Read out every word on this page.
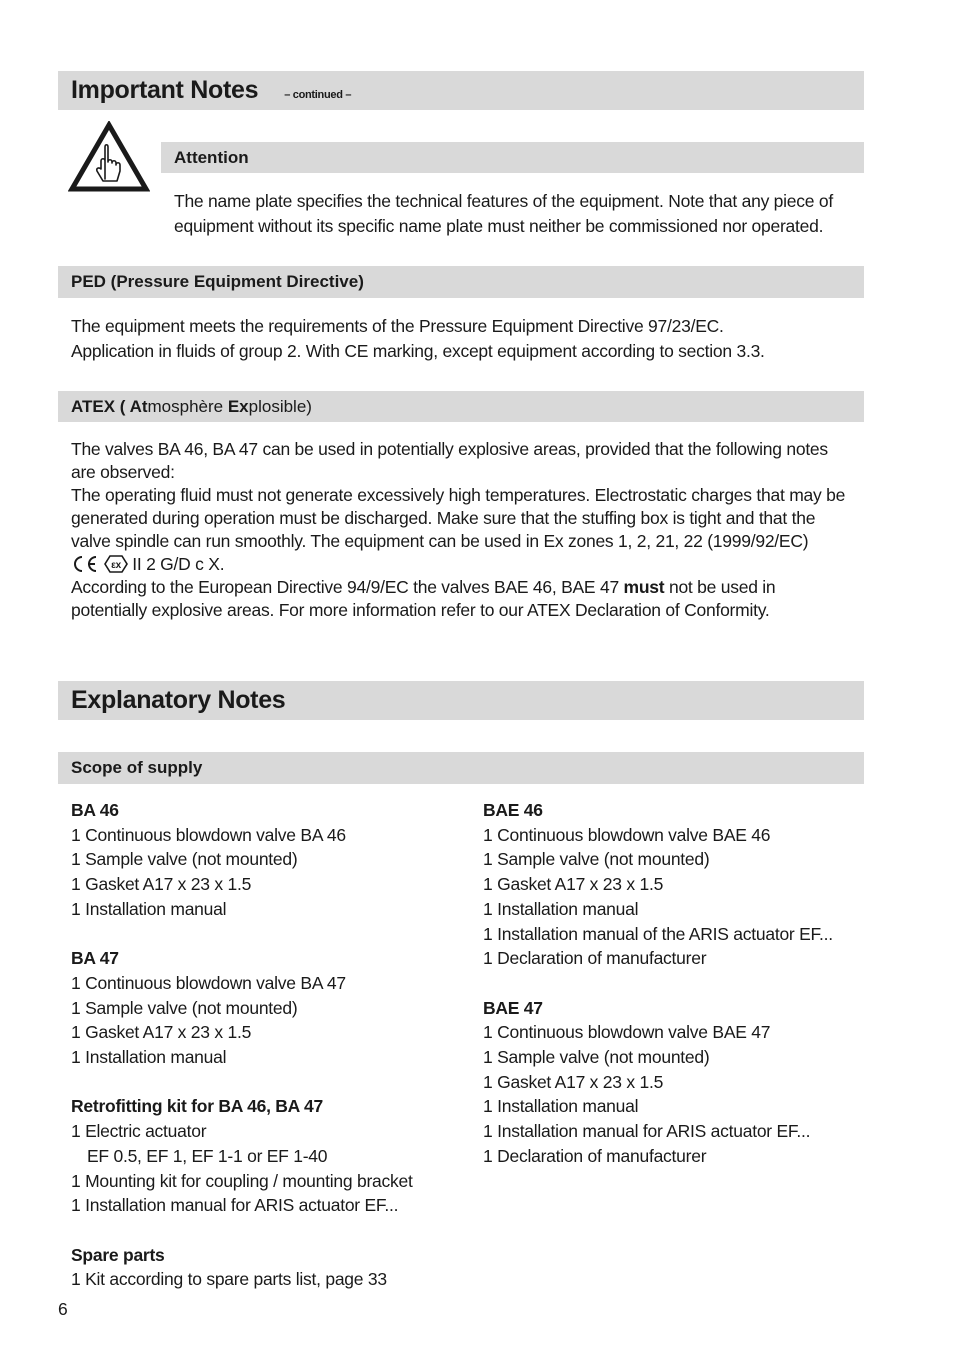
Important Notes – continued –
Attention
The name plate specifies the technical features of the equipment. Note that any piece of equipment without its specific name plate must neither be commissioned nor operated.
PED (Pressure Equipment Directive)
The equipment meets the requirements of the Pressure Equipment Directive 97/23/EC.
Application in fluids of group 2. With CE marking, except equipment according to section 3.3.
ATEX ( Atmosphère Explosible)
The valves BA 46, BA 47 can be used in potentially explosive areas, provided that the following notes are observed:
The operating fluid must not generate excessively high temperatures. Electrostatic charges that may be generated during operation must be discharged. Make sure that the stuffing box is tight and that the valve spindle can run smoothly. The equipment can be used in Ex zones 1, 2, 21, 22 (1999/92/EC)

εx II 2 G/D c X.
According to the European Directive 94/9/EC the valves BAE 46, BAE 47 must not be used in potentially explosive areas. For more information refer to our ATEX Declaration of Conformity.
Explanatory Notes
Scope of supply
BA 46
1 Continuous blowdown valve BA 46
1 Sample valve (not mounted)
1 Gasket A17 x 23 x 1.5
1 Installation manual
BA 47
1 Continuous blowdown valve BA 47
1 Sample valve (not mounted)
1 Gasket A17 x 23 x 1.5
1 Installation manual
Retrofitting kit for BA 46, BA 47
1 Electric actuator
EF 0.5, EF 1, EF 1-1 or EF 1-40
1 Mounting kit for coupling / mounting bracket
1 Installation manual for ARIS actuator EF...
Spare parts
1 Kit according to spare parts list, page 33
BAE 46
1 Continuous blowdown valve BAE 46
1 Sample valve (not mounted)
1 Gasket A17 x 23 x 1.5
1 Installation manual
1 Installation manual of the ARIS actuator EF...
1 Declaration of manufacturer
BAE 47
1 Continuous blowdown valve BAE 47
1 Sample valve (not mounted)
1 Gasket A17 x 23 x 1.5
1 Installation manual
1 Installation manual for ARIS actuator EF...
1 Declaration of manufacturer
6
